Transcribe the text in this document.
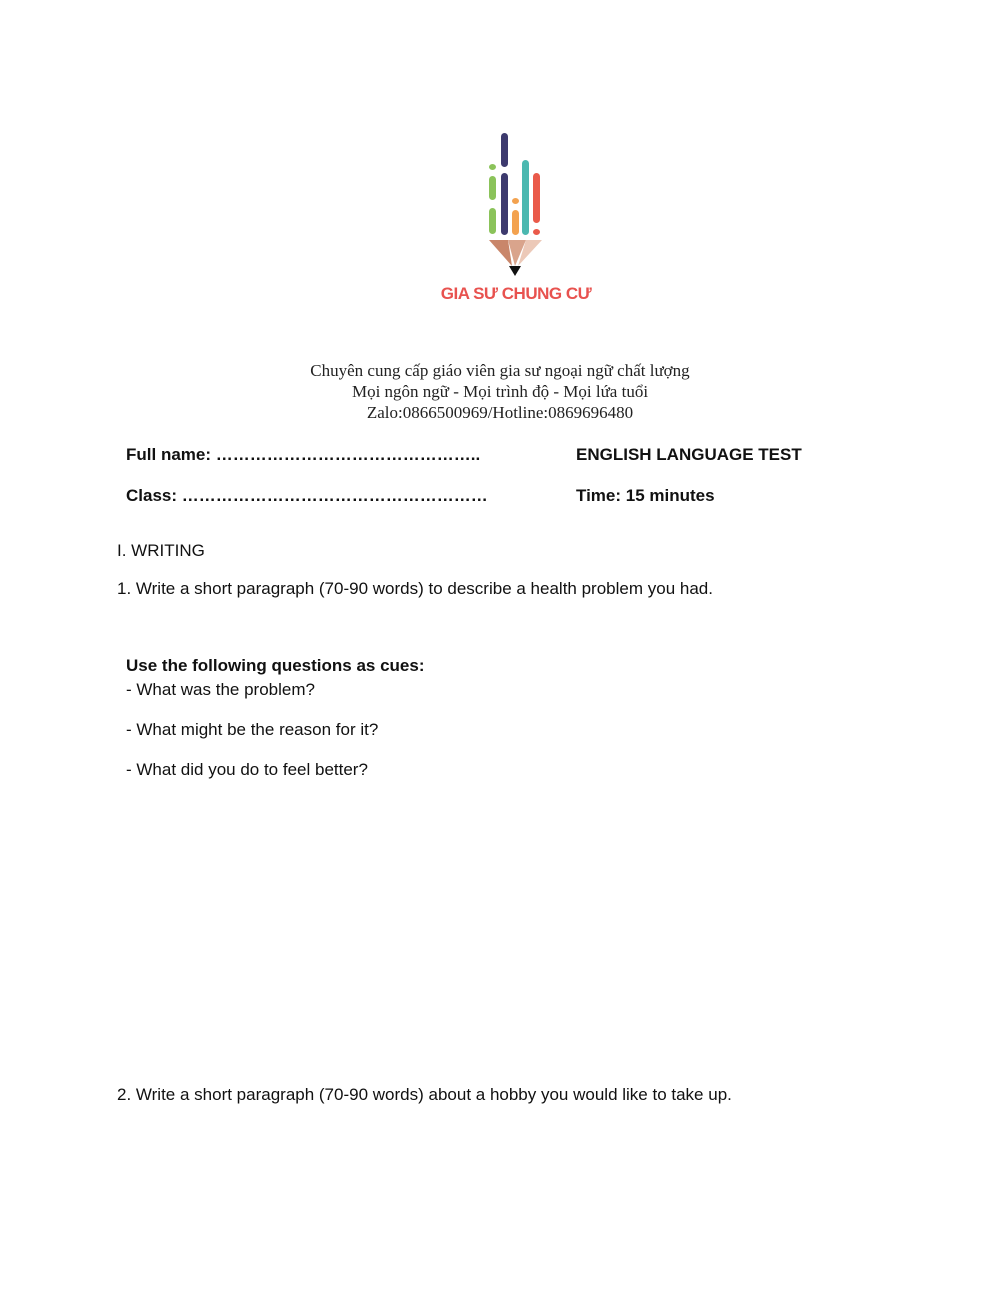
GIA SƯ CHUNG CƯ
Chuyên cung cấp giáo viên gia sư ngoại ngữ chất lượng
Mọi ngôn ngữ - Mọi trình độ - Mọi lứa tuổi
Zalo:0866500969/Hotline:0869696480
Full name: ………………………………………..	ENGLISH LANGUAGE TEST
Class: ………………………………………………	Time: 15 minutes
I. WRITING
1. Write a short paragraph (70-90 words) to describe a health problem you had.
Use the following questions as cues:
- What was the problem?
- What might be the reason for it?
- What did you do to feel better?
2. Write a short paragraph (70-90 words) about a hobby you would like to take up.
